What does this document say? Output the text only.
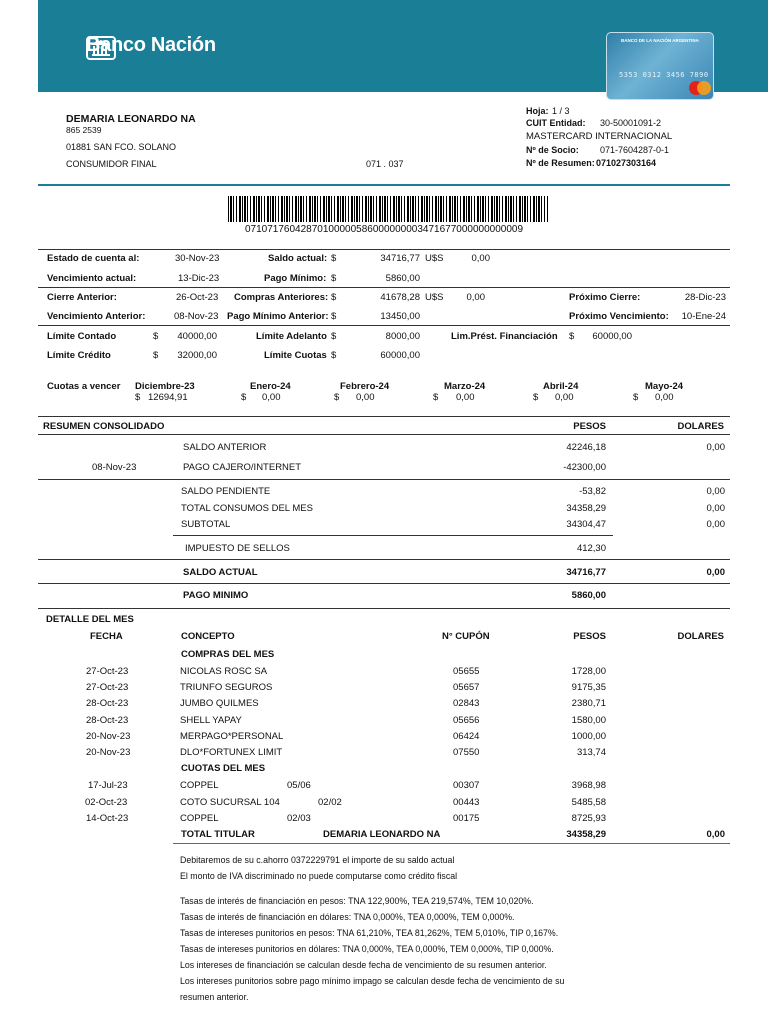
Banco Nación	BANCO DE LA NACIÓN ARGENTINA
5353 0312 3456 7890
DEMARIA LEONARDO NA
865 2539
01881 SAN FCO. SOLANO
CONSUMIDOR FINAL	071 . 037
Hoja: 1 / 3
CUIT Entidad: 30-50001091-2
MASTERCARD INTERNACIONAL
Nº de Socio: 071-7604287-0-1
Nº de Resumen: 071027303164
07107176042870100000586000000003471677000000000009
Estado de cuenta al:	30-Nov-23	Saldo actual: $	34716,77 U$S	0,00
Vencimiento actual:	13-Dic-23	Pago Mínimo: $	5860,00
Cierre Anterior:	26-Oct-23 Compras Anteriores: $	41678,28 U$S	0,00	Próximo Cierre:	28-Dic-23
Vencimiento Anterior:	08-Nov-23 Pago Mínimo Anterior: $	13450,00	Próximo Vencimiento:	10-Ene-24
Límite Contado	$	40000,00	Límite Adelanto $	8000,00	Lim.Prést. Financiación $	60000,00
Límite Crédito	$	32000,00	Límite Cuotas $	60000,00
Cuotas a vencer Diciembre-23
$ 12694,91
Enero-24
$ 0,00
Febrero-24
$ 0,00
Marzo-24
$ 0,00
Abril-24
$ 0,00
Mayo-24
$ 0,00
RESUMEN CONSOLIDADO	PESOS	DOLARES
SALDO ANTERIOR	42246,18	0,00
08-Nov-23	PAGO CAJERO/INTERNET	-42300,00
SALDO PENDIENTE	-53,82	0,00
TOTAL CONSUMOS DEL MES	34358,29	0,00
SUBTOTAL	34304,47	0,00
IMPUESTO DE SELLOS	412,30
SALDO ACTUAL	34716,77	0,00
PAGO MINIMO	5860,00
DETALLE DEL MES
FECHA	CONCEPTO	N° CUPÓN	PESOS	DOLARES
COMPRAS DEL MES
27-Oct-23	NICOLAS ROSC SA	05655	1728,00
27-Oct-23	TRIUNFO SEGUROS	05657	9175,35
28-Oct-23	JUMBO QUILMES	02843	2380,71
28-Oct-23	SHELL YAPAY	05656	1580,00
20-Nov-23	MERPAGO*PERSONAL	06424	1000,00
20-Nov-23	DLO*FORTUNEX LIMIT	07550	313,74
CUOTAS DEL MES
17-Jul-23	COPPEL	05/06	00307	3968,98
02-Oct-23	COTO SUCURSAL 104	02/02	00443	5485,58
14-Oct-23	COPPEL	02/03	00175	8725,93
TOTAL TITULAR	DEMARIA LEONARDO NA	34358,29	0,00
Debitaremos de su c.ahorro 0372229791 el importe de su saldo actual
El monto de IVA discriminado no puede computarse como crédito fiscal
Tasas de interés de financiación en pesos: TNA 122,900%, TEA 219,574%, TEM 10,020%.
Tasas de interés de financiación en dólares: TNA 0,000%, TEA 0,000%, TEM 0,000%.
Tasas de intereses punitorios en pesos: TNA 61,210%, TEA 81,262%, TEM 5,010%, TIP 0,167%.
Tasas de intereses punitorios en dólares: TNA 0,000%, TEA 0,000%, TEM 0,000%, TIP 0,000%.
Los intereses de financiación se calculan desde fecha de vencimiento de su resumen anterior.
Los intereses punitorios sobre pago mínimo impago se calculan desde fecha de vencimiento de su
resumen anterior.
